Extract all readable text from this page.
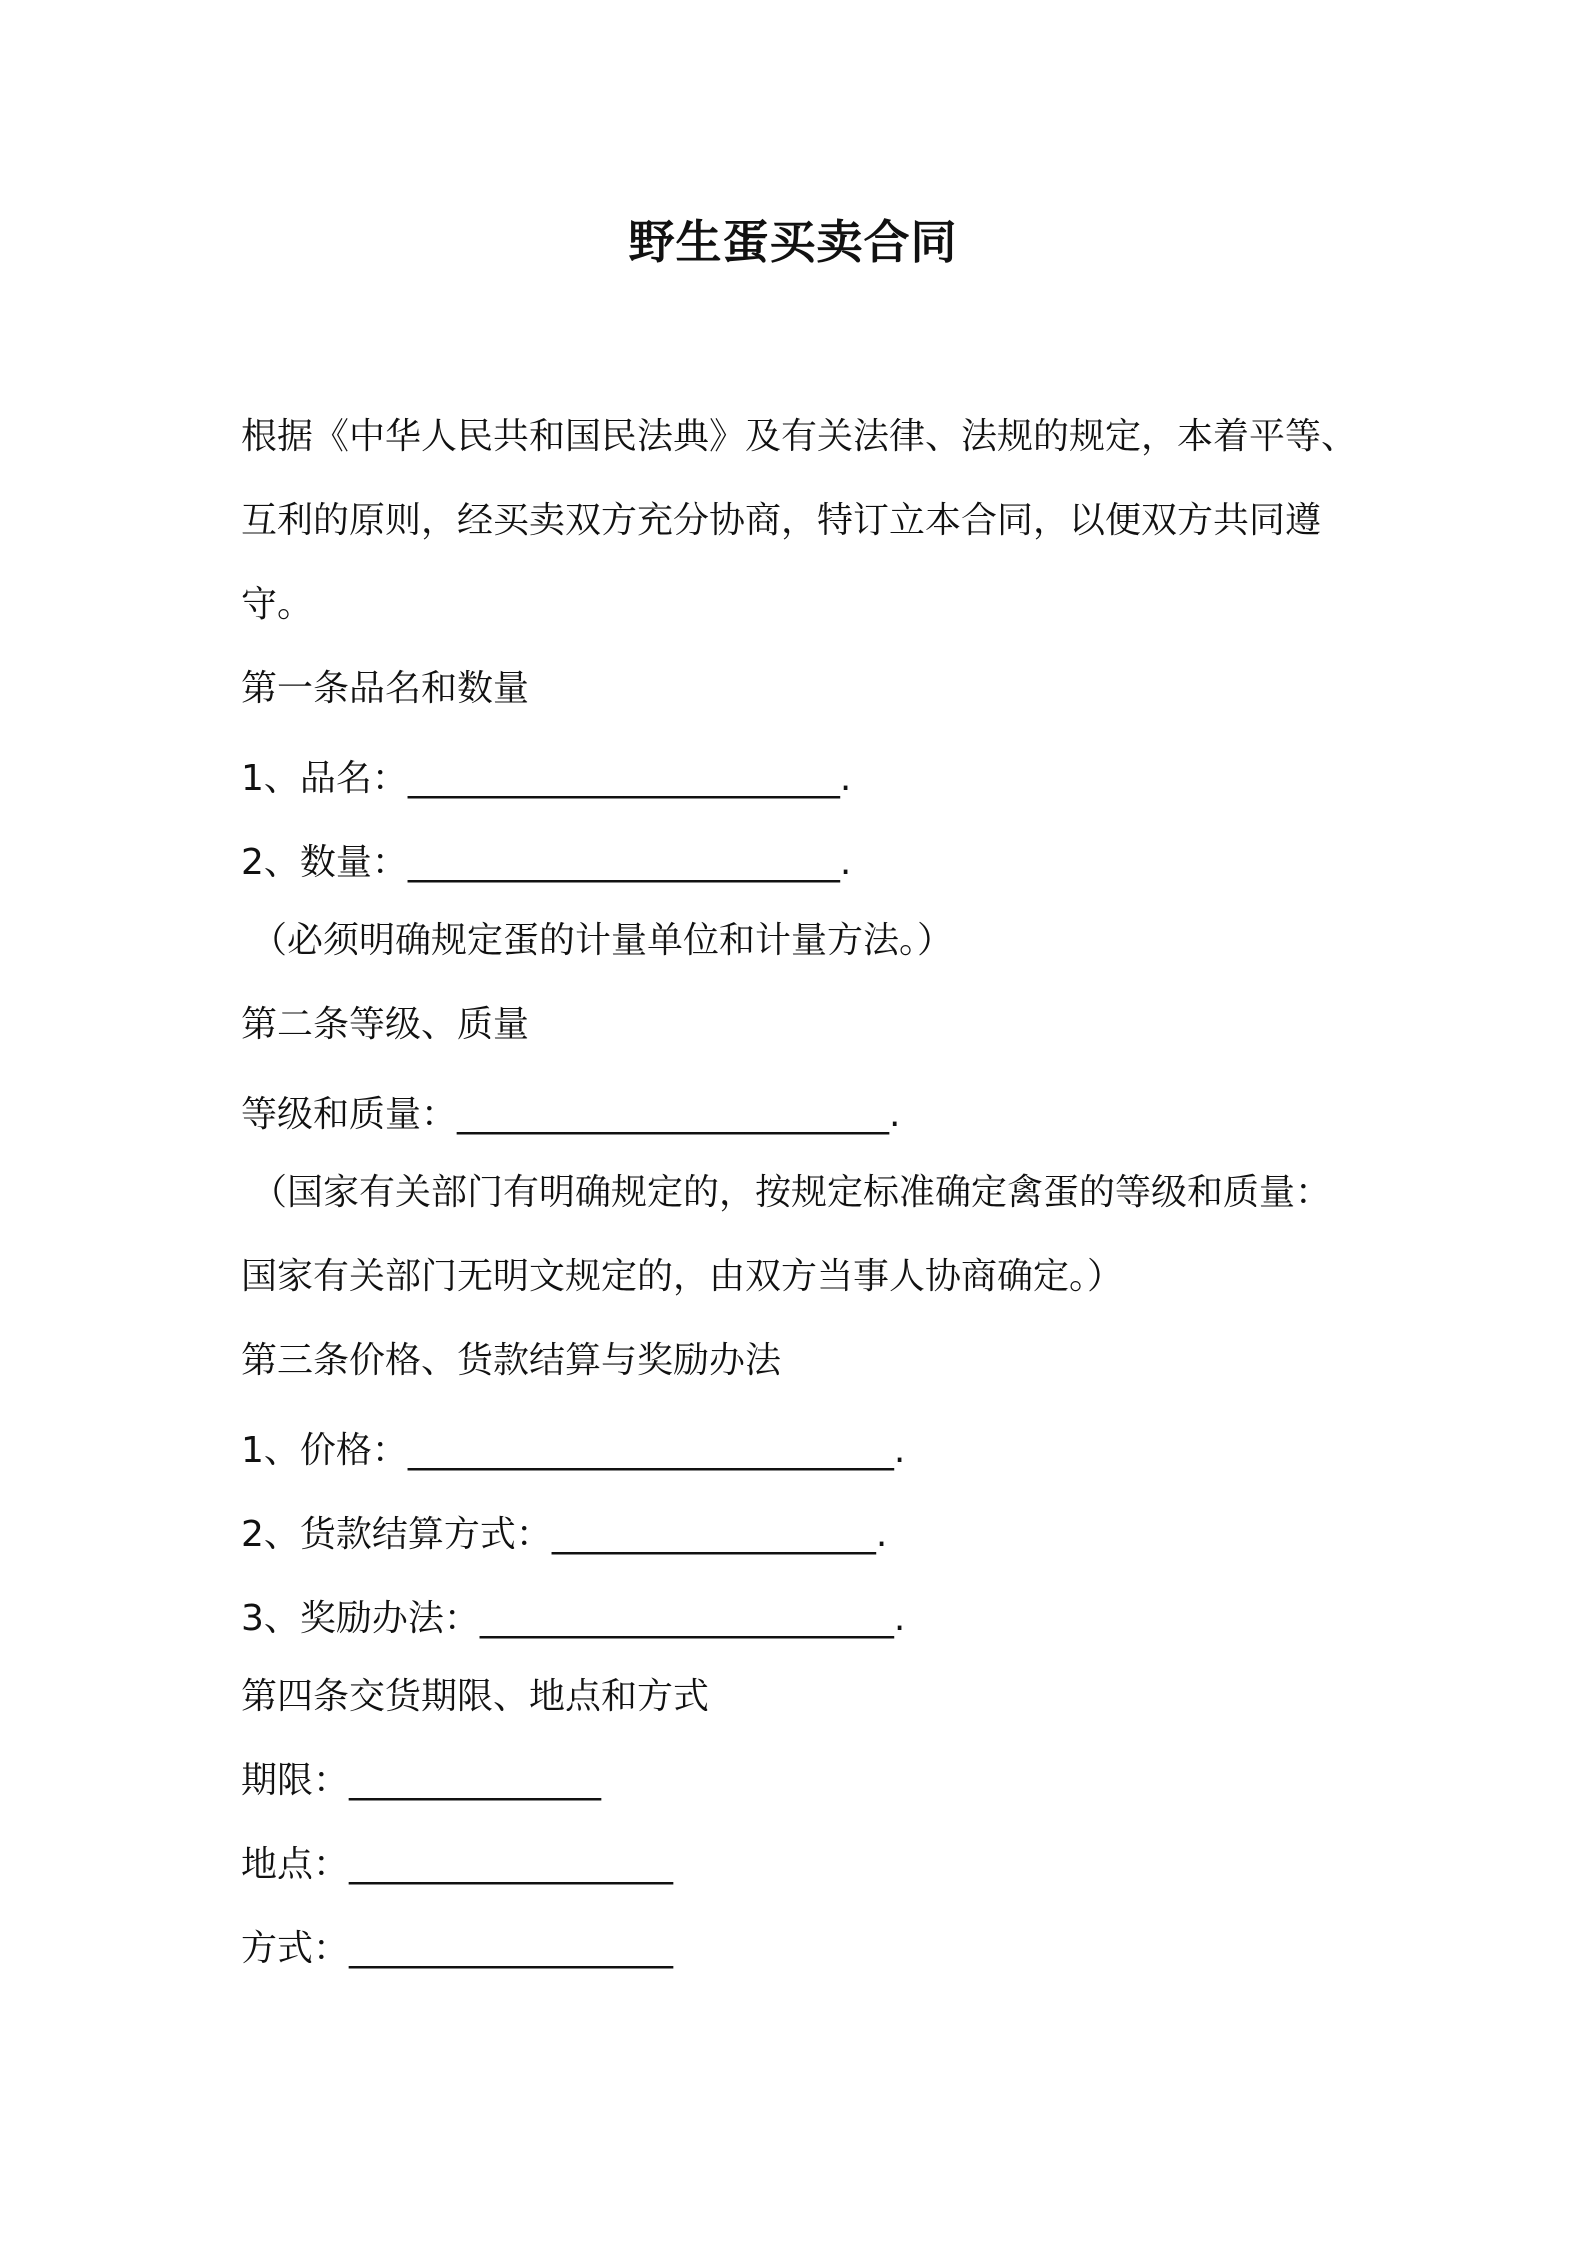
野生蛋买卖合同
根据《中华人民共和国民法典》及有关法律、法规的规定，本着平等、
互利的原则，经买卖双方充分协商，特订立本合同，以便双方共同遵
守。
第一条品名和数量
1、品名：________________________.
2、数量：________________________.
（必须明确规定蛋的计量单位和计量方法。）
第二条等级、质量
等级和质量：________________________.
（国家有关部门有明确规定的，按规定标准确定禽蛋的等级和质量：
国家有关部门无明文规定的，由双方当事人协商确定。）
第三条价格、货款结算与奖励办法
1、价格：___________________________.
2、货款结算方式：__________________.
3、奖励办法：_______________________.
第四条交货期限、地点和方式
期限：______________
地点：__________________
方式：__________________
